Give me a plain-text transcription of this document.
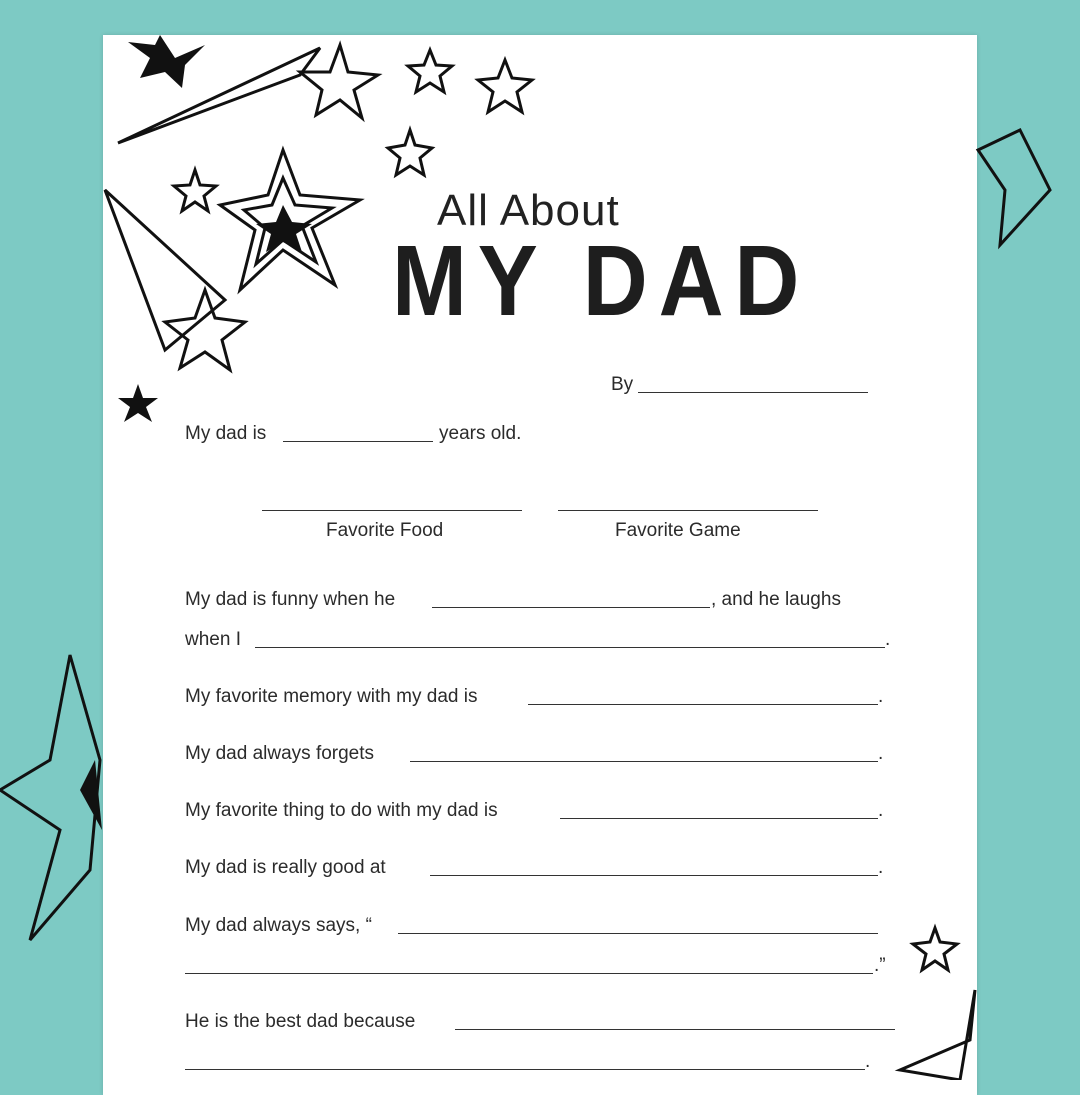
All About
MY DAD
By
My dad is	years old.
Favorite Food	Favorite Game
My dad is funny when he	, and he laughs
when I	.
My favorite memory with my dad is	.
My dad always forgets	.
My favorite thing to do with my dad is	.
My dad is really good at	.
My dad always says, “
.”
He is the best dad because
.
